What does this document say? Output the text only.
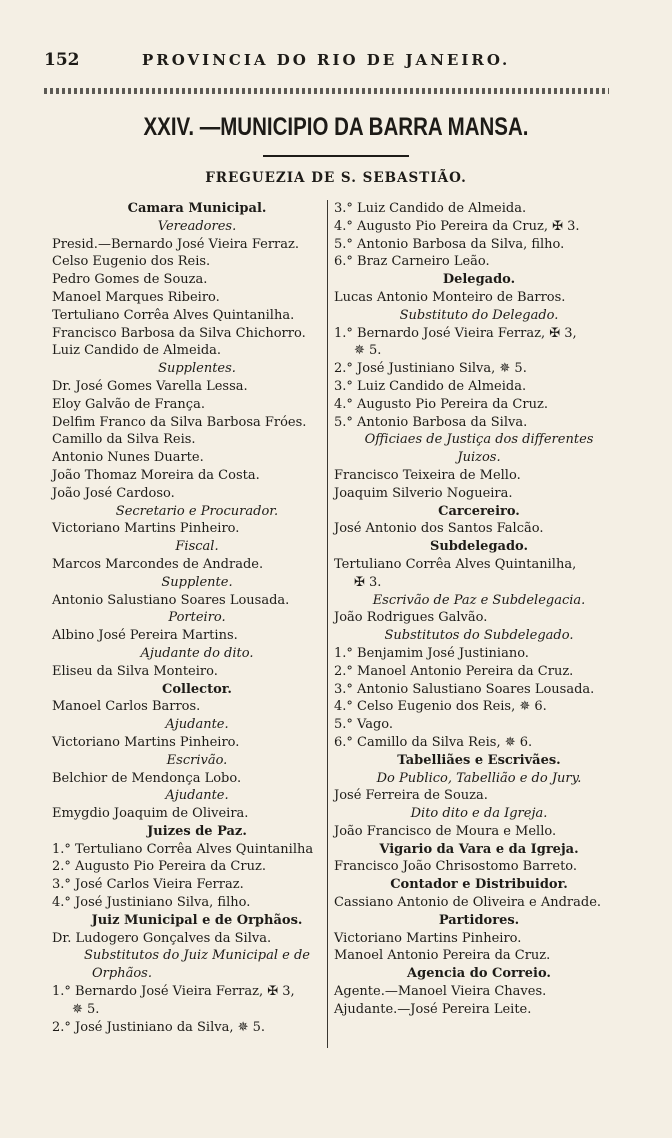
152	PROVINCIA DO RIO DE JANEIRO.
XXIV. —MUNICIPIO DA BARRA MANSA.
FREGUEZIA DE S. SEBASTIÃO.
Camara Municipal.
Vereadores.
Presid.—Bernardo José Vieira Ferraz.
Celso Eugenio dos Reis.
Pedro Gomes de Souza.
Manoel Marques Ribeiro.
Tertuliano Corrêa Alves Quintanilha.
Francisco Barbosa da Silva Chichorro.
Luiz Candido de Almeida.
Supplentes.
Dr. José Gomes Varella Lessa.
Eloy Galvão de França.
Delfim Franco da Silva Barbosa Fróes.
Camillo da Silva Reis.
Antonio Nunes Duarte.
João Thomaz Moreira da Costa.
João José Cardoso.
Secretario e Procurador.
Victoriano Martins Pinheiro.
Fiscal.
Marcos Marcondes de Andrade.
Supplente.
Antonio Salustiano Soares Lousada.
Porteiro.
Albino José Pereira Martins.
Ajudante do dito.
Eliseu da Silva Monteiro.
Collector.
Manoel Carlos Barros.
Ajudante.
Victoriano Martins Pinheiro.
Escrivão.
Belchior de Mendonça Lobo.
Ajudante.
Emygdio Joaquim de Oliveira.
Juizes de Paz.
1.° Tertuliano Corrêa Alves Quintanilha
2.° Augusto Pio Pereira da Cruz.
3.° José Carlos Vieira Ferraz.
4.° José Justiniano Silva, filho.
Juiz Municipal e de Orphãos.
Dr. Ludogero Gonçalves da Silva.
Substitutos do Juiz Municipal e de
Orphãos.
1.° Bernardo José Vieira Ferraz, ✠ 3,
✵ 5.
2.° José Justiniano da Silva, ✵ 5.
3.° Luiz Candido de Almeida.
4.° Augusto Pio Pereira da Cruz, ✠ 3.
5.° Antonio Barbosa da Silva, filho.
6.° Braz Carneiro Leão.
Delegado.
Lucas Antonio Monteiro de Barros.
Substituto do Delegado.
1.° Bernardo José Vieira Ferraz, ✠ 3,
✵ 5.
2.° José Justiniano Silva, ✵ 5.
3.° Luiz Candido de Almeida.
4.° Augusto Pio Pereira da Cruz.
5.° Antonio Barbosa da Silva.
Officiaes de Justiça dos differentes
Juizos.
Francisco Teixeira de Mello.
Joaquim Silverio Nogueira.
Carcereiro.
José Antonio dos Santos Falcão.
Subdelegado.
Tertuliano Corrêa Alves Quintanilha,
✠ 3.
Escrivão de Paz e Subdelegacia.
João Rodrigues Galvão.
Substitutos do Subdelegado.
1.° Benjamim José Justiniano.
2.° Manoel Antonio Pereira da Cruz.
3.° Antonio Salustiano Soares Lousada.
4.° Celso Eugenio dos Reis, ✵ 6.
5.° Vago.
6.° Camillo da Silva Reis, ✵ 6.
Tabelliães e Escrivães.
Do Publico, Tabellião e do Jury.
José Ferreira de Souza.
Dito dito e da Igreja.
João Francisco de Moura e Mello.
Vigario da Vara e da Igreja.
Francisco João Chrisostomo Barreto.
Contador e Distribuidor.
Cassiano Antonio de Oliveira e Andrade.
Partidores.
Victoriano Martins Pinheiro.
Manoel Antonio Pereira da Cruz.
Agencia do Correio.
Agente.—Manoel Vieira Chaves.
Ajudante.—José Pereira Leite.
